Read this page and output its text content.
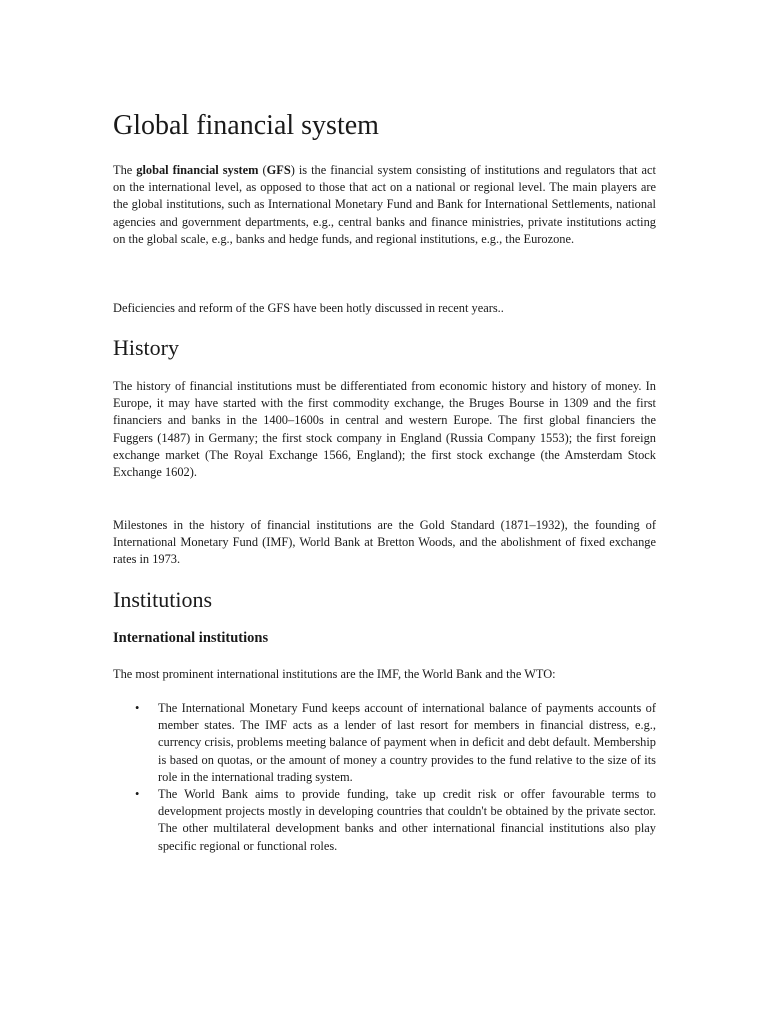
Global financial system

The global financial system (GFS) is the financial system consisting of institutions and regulators that act on the international level, as opposed to those that act on a national or regional level. The main players are the global institutions, such as International Monetary Fund and Bank for International Settlements, national agencies and government departments, e.g., central banks and finance ministries, private institutions acting on the global scale, e.g., banks and hedge funds, and regional institutions, e.g., the Eurozone.

Deficiencies and reform of the GFS have been hotly discussed in recent years..

History

The history of financial institutions must be differentiated from economic history and history of money. In Europe, it may have started with the first commodity exchange, the Bruges Bourse in 1309 and the first financiers and banks in the 1400–1600s in central and western Europe. The first global financiers the Fuggers (1487) in Germany; the first stock company in England (Russia Company 1553); the first foreign exchange market (The Royal Exchange 1566, England); the first stock exchange (the Amsterdam Stock Exchange 1602).

Milestones in the history of financial institutions are the Gold Standard (1871–1932), the founding of International Monetary Fund (IMF), World Bank at Bretton Woods, and the abolishment of fixed exchange rates in 1973.

Institutions
International institutions

The most prominent international institutions are the IMF, the World Bank and the WTO:

• The International Monetary Fund keeps account of international balance of payments accounts of member states. The IMF acts as a lender of last resort for members in financial distress, e.g., currency crisis, problems meeting balance of payment when in deficit and debt default. Membership is based on quotas, or the amount of money a country provides to the fund relative to the size of its role in the international trading system.
• The World Bank aims to provide funding, take up credit risk or offer favourable terms to development projects mostly in developing countries that couldn't be obtained by the private sector. The other multilateral development banks and other international financial institutions also play specific regional or functional roles.
